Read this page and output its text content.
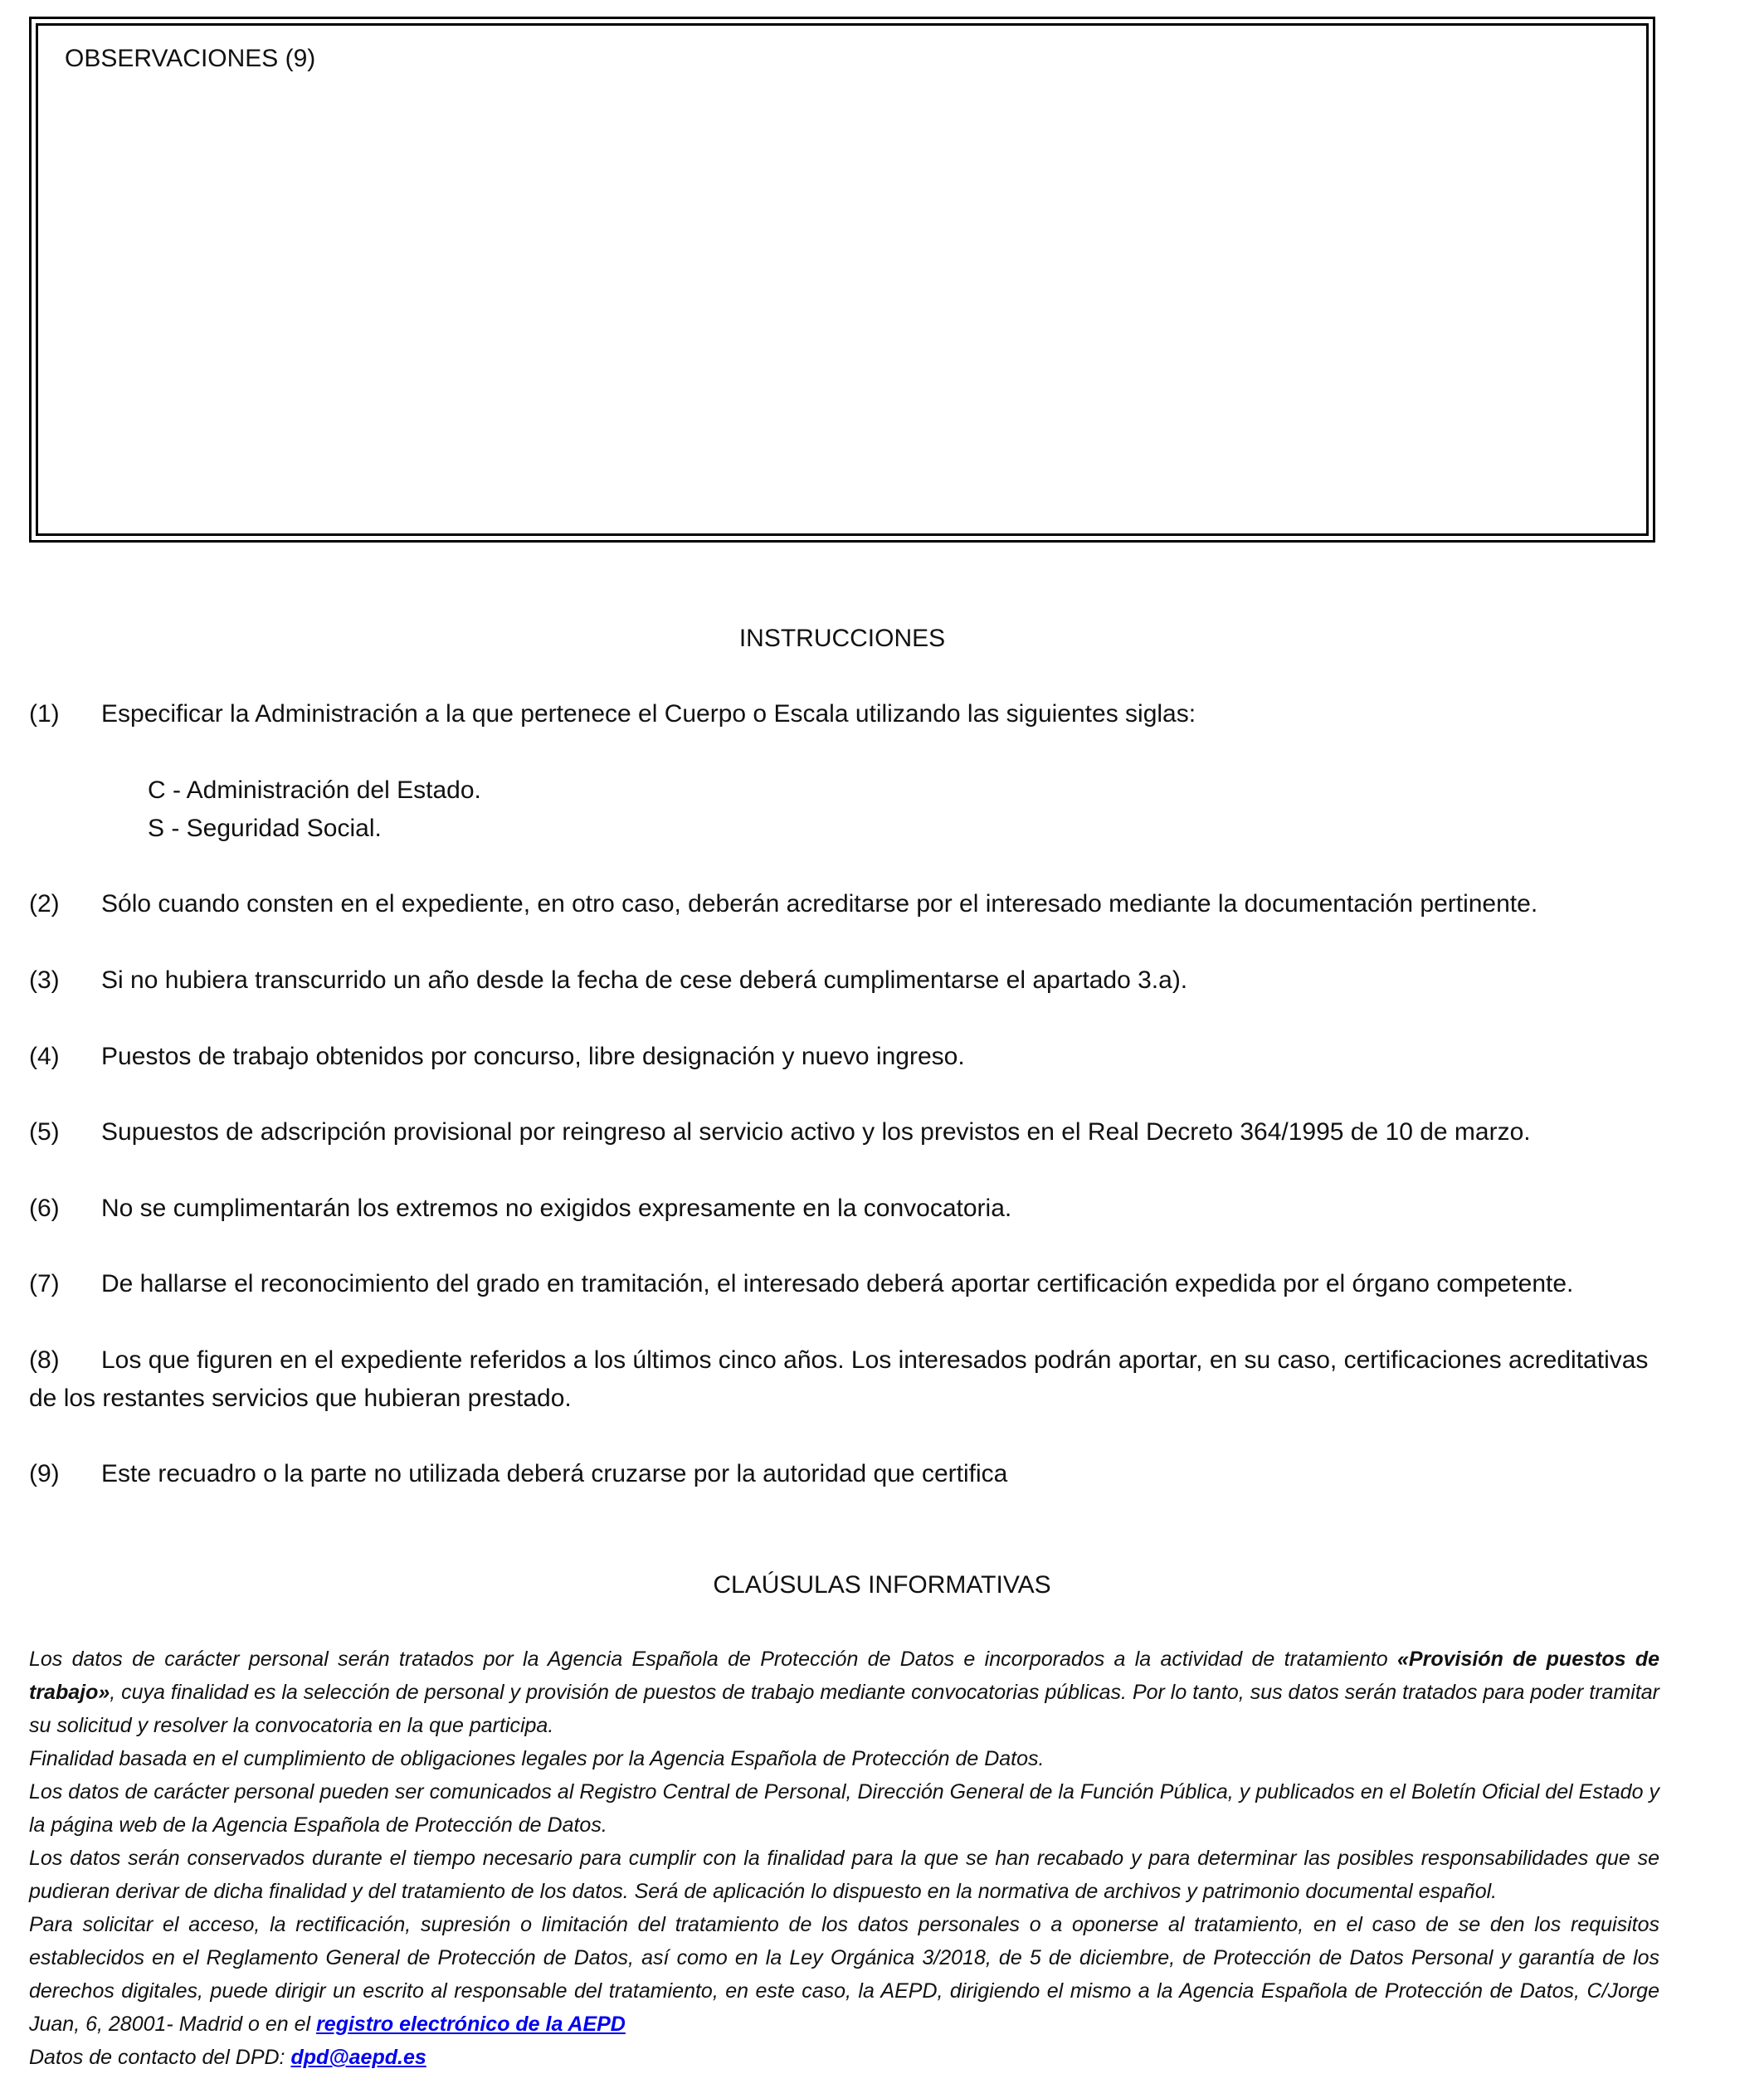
OBSERVACIONES (9)
INSTRUCCIONES
(1) Especificar la Administración a la que pertenece el Cuerpo o Escala utilizando las siguientes siglas:
C - Administración del Estado.
S - Seguridad Social.
(2) Sólo cuando consten en el expediente, en otro caso, deberán acreditarse por el interesado mediante la documentación pertinente.
(3) Si no hubiera transcurrido un año desde la fecha de cese deberá cumplimentarse el apartado 3.a).
(4) Puestos de trabajo obtenidos por concurso, libre designación y nuevo ingreso.
(5) Supuestos de adscripción provisional por reingreso al servicio activo y los previstos en el Real Decreto 364/1995 de 10 de marzo.
(6) No se cumplimentarán los extremos no exigidos expresamente en la convocatoria.
(7) De hallarse el reconocimiento del grado en tramitación, el interesado deberá aportar certificación expedida por el órgano competente.
(8) Los que figuren en el expediente referidos a los últimos cinco años. Los interesados podrán aportar, en su caso, certificaciones acreditativas de los restantes servicios que hubieran prestado.
(9) Este recuadro o la parte no utilizada deberá cruzarse por la autoridad que certifica
CLAÚSULAS INFORMATIVAS

Los datos de carácter personal serán tratados por la Agencia Española de Protección de Datos e incorporados a la actividad de tratamiento «Provisión de puestos de trabajo», cuya finalidad es la selección de personal y provisión de puestos de trabajo mediante convocatorias públicas. Por lo tanto, sus datos serán tratados para poder tramitar su solicitud y resolver la convocatoria en la que participa.

Finalidad basada en el cumplimiento de obligaciones legales por la Agencia Española de Protección de Datos.

Los datos de carácter personal pueden ser comunicados al Registro Central de Personal, Dirección General de la Función Pública, y publicados en el Boletín Oficial del Estado y la página web de la Agencia Española de Protección de Datos.

Los datos serán conservados durante el tiempo necesario para cumplir con la finalidad para la que se han recabado y para determinar las posibles responsabilidades que se pudieran derivar de dicha finalidad y del tratamiento de los datos. Será de aplicación lo dispuesto en la normativa de archivos y patrimonio documental español.

Para solicitar el acceso, la rectificación, supresión o limitación del tratamiento de los datos personales o a oponerse al tratamiento, en el caso de se den los requisitos establecidos en el Reglamento General de Protección de Datos, así como en la Ley Orgánica 3/2018, de 5 de diciembre, de Protección de Datos Personal y garantía de los derechos digitales, puede dirigir un escrito al responsable del tratamiento, en este caso, la AEPD, dirigiendo el mismo a la Agencia Española de Protección de Datos, C/Jorge Juan, 6, 28001- Madrid o en el registro electrónico de la AEPD

Datos de contacto del DPD: dpd@aepd.es
